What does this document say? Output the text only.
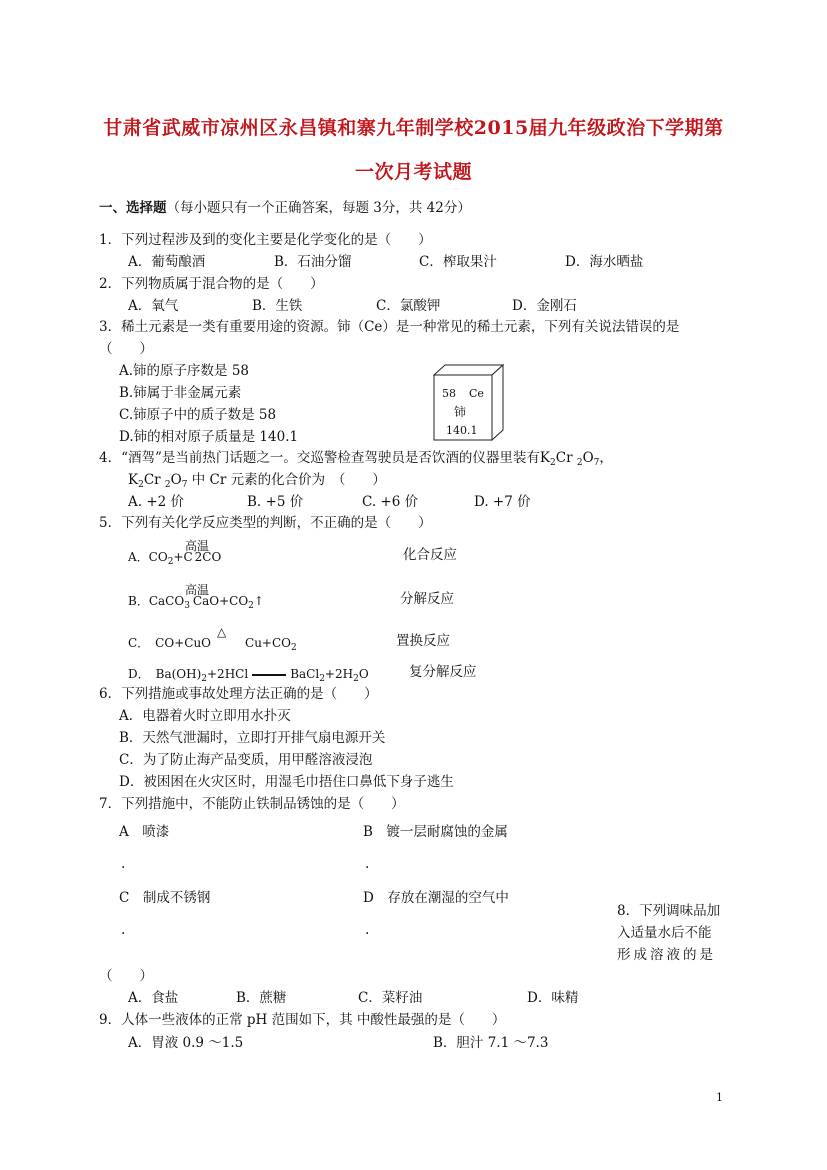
甘肃省武威市凉州区永昌镇和寨九年制学校2015届九年级政治下学期第
一次月考试题
一、选择题（每小题只有一个正确答案，每题 3分，共 42分）
1．下列过程涉及到的变化主要是化学变化的是（　　）
A．葡萄酿酒	B．石油分馏	C．榨取果汁	D．海水晒盐
2．下列物质属于混合物的是（　　）
A．氧气	B．生铁	C．氯酸钾	D．金刚石
3．稀土元素是一类有重要用途的资源。铈（Ce）是一种常见的稀土元素，下列有关说法错误的是
（　　）
A.铈的原子序数是 58
B.铈属于非金属元素
C.铈原子中的质子数是 58
D.铈的相对原子质量是 140.1
58 Ce
铈
140.1
4．“酒驾”是当前热门话题之一。交巡警检查驾驶员是否饮酒的仪器里装有$K_2Cr$ $_2O_7$，
$K_2Cr$ $_2O_7$ 中 Cr 元素的化合价为　（　　）
A. +2 价	B. +5 价	C. +6 价	D. +7 价
5．下列有关化学反应类型的判断，不正确的是（　　）
高温
A．$CO_2+C$ 2CO	化合反应
高温
B．CaCO$_3$ $CaO+CO_2↑$	分解反应
△
C．　CO+CuO	$Cu+CO_2$	置换反应
D．　$Ba(OH)_2+2HCl$	$BaCl_2+2H_2O$	复分解反应
6．下列措施或事故处理方法正确的是（　　）
A．电器着火时立即用水扑灭
B．天然气泄漏时，立即打开排气扇电源开关
C．为了防止海产品变质，用甲醛溶液浸泡
D．被困困在火灾区时，用湿毛巾捂住口鼻低下身子逃生
7．下列措施中，不能防止铁制品锈蚀的是（　　）
A　喷漆	B　镀一层耐腐蚀的金属
.	.
C　制成不锈钢	D　存放在潮湿的空气中
.	.
8．下列调味品加
入适量水后不能
形成溶液的是
（　　）
A．食盐	B．蔗糖	C．菜籽油	D．味精
9．人体一些液体的正常 pH 范围如下，其 中酸性最强的是（　　）
A．胃液 0.9 ～1.5	B．胆汁 7.1 ～7.3
1
